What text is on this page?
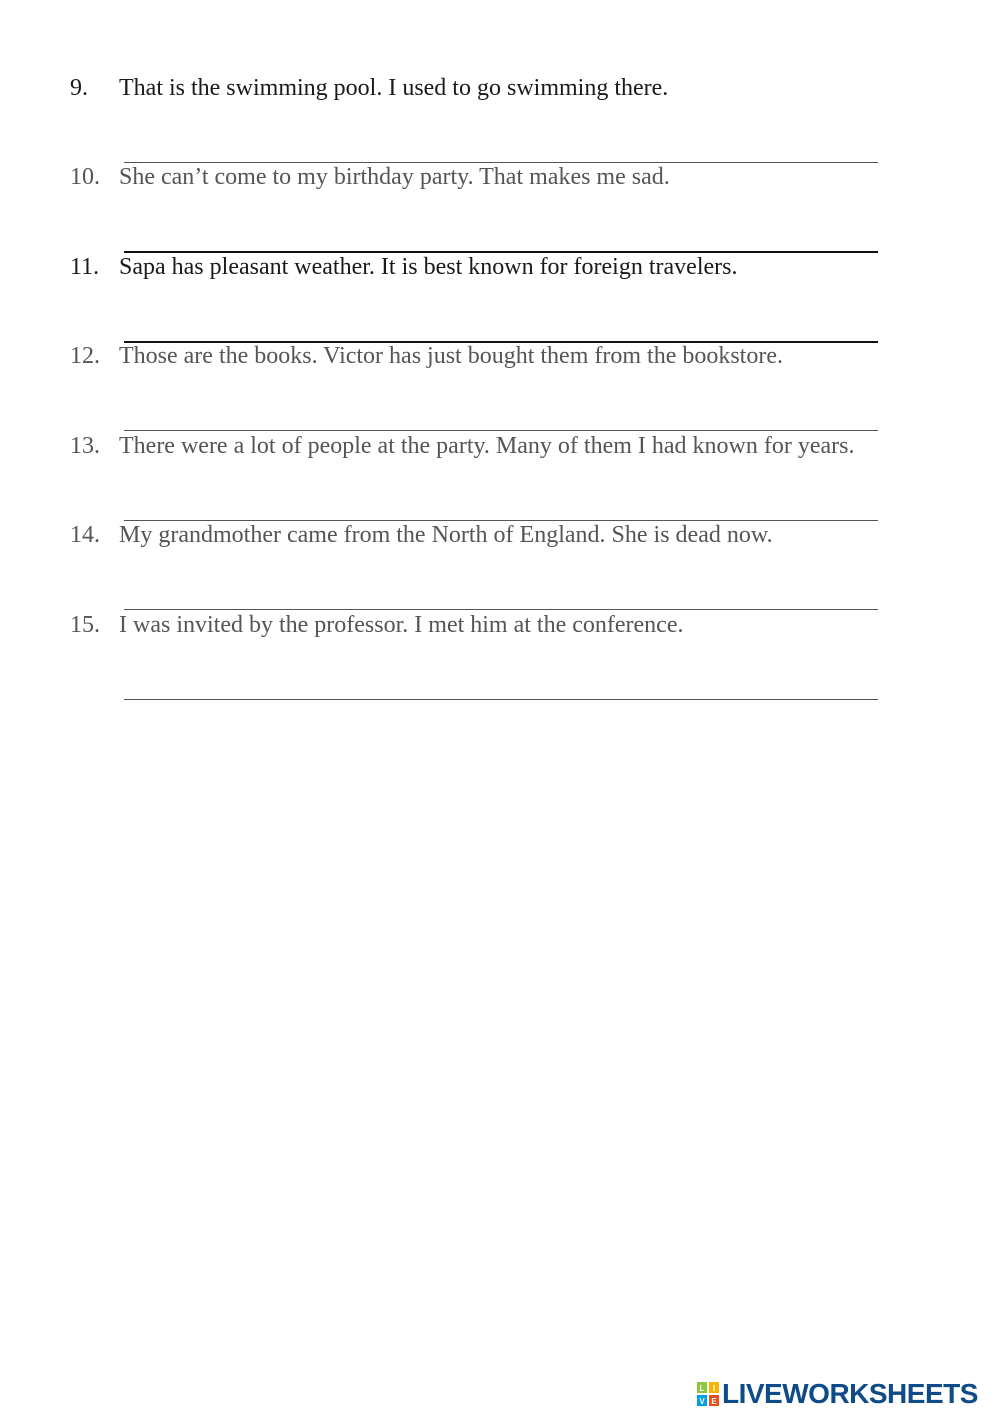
9. That is the swimming pool. I used to go swimming there.
10. She can’t come to my birthday party. That makes me sad.
11. Sapa has pleasant weather. It is best known for foreign travelers.
12. Those are the books. Victor has just bought them from the bookstore.
13. There were a lot of people at the party. Many of them I had known for years.
14. My grandmother came from the North of England. She is dead now.
15. I was invited by the professor. I met him at the conference.
L I
V E LIVEWORKSHEETS
